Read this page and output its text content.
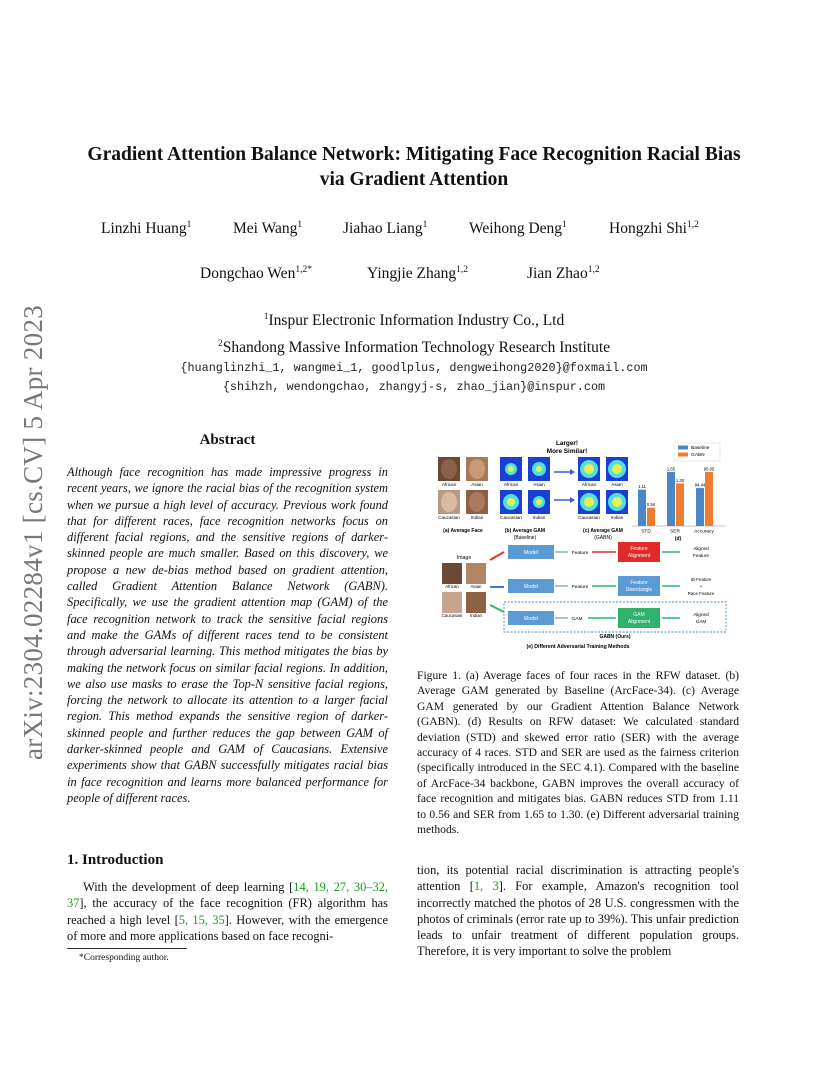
arXiv:2304.02284v1 [cs.CV] 5 Apr 2023
Gradient Attention Balance Network: Mitigating Face Recognition Racial Bias
via Gradient Attention
Linzhi Huang$^1$	Mei Wang$^1$	Jiahao Liang$^1$	Weihong Deng$^1$	Hongzhi Shi$^{1,2}$
Dongchao Wen$^{1,2*}$	Yingjie Zhang$^{1,2}$	Jian Zhao$^{1,2}$
$^1$Inspur Electronic Information Industry Co., Ltd
$^2$Shandong Massive Information Technology Research Institute
{huanglinzhi_1, wangmei_1, goodlplus, dengweihong2020}@foxmail.com
{shihzh, wendongchao, zhangyj-s, zhao_jian}@inspur.com
Abstract
Although face recognition has made impressive progress in recent years, we ignore the racial bias of the recognition system when we pursue a high level of accuracy. Previous work found that for different races, face recognition networks focus on different facial regions, and the sensitive regions of darker-skinned people are much smaller. Based on this discovery, we propose a new de-bias method based on gradient attention, called Gradient Attention Balance Network (GABN). Specifically, we use the gradient attention map (GAM) of the face recognition network to track the sensitive facial regions and make the GAMs of different races tend to be consistent through adversarial learning. This method mitigates the bias by making the network focus on similar facial regions. In addition, we also use masks to erase the Top-N sensitive facial regions, forcing the network to allocate its attention to a larger facial region. This method expands the sensitive region of darker-skinned people and further reduces the gap between GAM of darker-skinned people and GAM of Caucasians. Extensive experiments show that GABN successfully mitigates racial bias in face recognition and learns more balanced performance for people of different races.
1. Introduction
With the development of deep learning [14, 19, 27, 30–32, 37], the accuracy of the face recognition (FR) algorithm has reached a high level [5, 15, 35]. However, with the emergence of more and more applications based on face recogni-
*Corresponding author.
Larger!
More Similar!
African	Asian
Caucasian Indian
African	Asian
Caucasian Indian
African	Asian
Caucasian Indian
(a) Average Face	(b) Average GAM
(Baseline)
(c) Average GAM
(GABN)	(d)
1.11
0.56
STD
1.65
1.30
SER
94.44
95.05
Accuracy
Baseline
GABN
Image
African	Asian
Caucasian Indian
Model	Feature
Feature
Alignment
Aligned
Feature
Model	Feature
Feature
Disentangle
ID Feature
+
Race Feature
Model	GAM
GAM
Alignment
Aligned
GAM
GABN (Ours)
(e) Different Adversarial Training Methods
Figure 1. (a) Average faces of four races in the RFW dataset. (b) Average GAM generated by Baseline (ArcFace-34). (c) Average GAM generated by our Gradient Attention Balance Network (GABN). (d) Results on RFW dataset: We calculated standard deviation (STD) and skewed error ratio (SER) with the average accuracy of 4 races. STD and SER are used as the fairness criterion (specifically introduced in the SEC 4.1). Compared with the baseline of ArcFace-34 backbone, GABN improves the overall accuracy of face recognition and mitigates bias. GABN reduces STD from 1.11 to 0.56 and SER from 1.65 to 1.30. (e) Different adversarial training methods.
tion, its potential racial discrimination is attracting people's attention [1, 3]. For example, Amazon's recognition tool incorrectly matched the photos of 28 U.S. congressmen with the photos of criminals (error rate up to 39%). This unfair prediction leads to unfair treatment of different population groups. Therefore, it is very important to solve the problem
